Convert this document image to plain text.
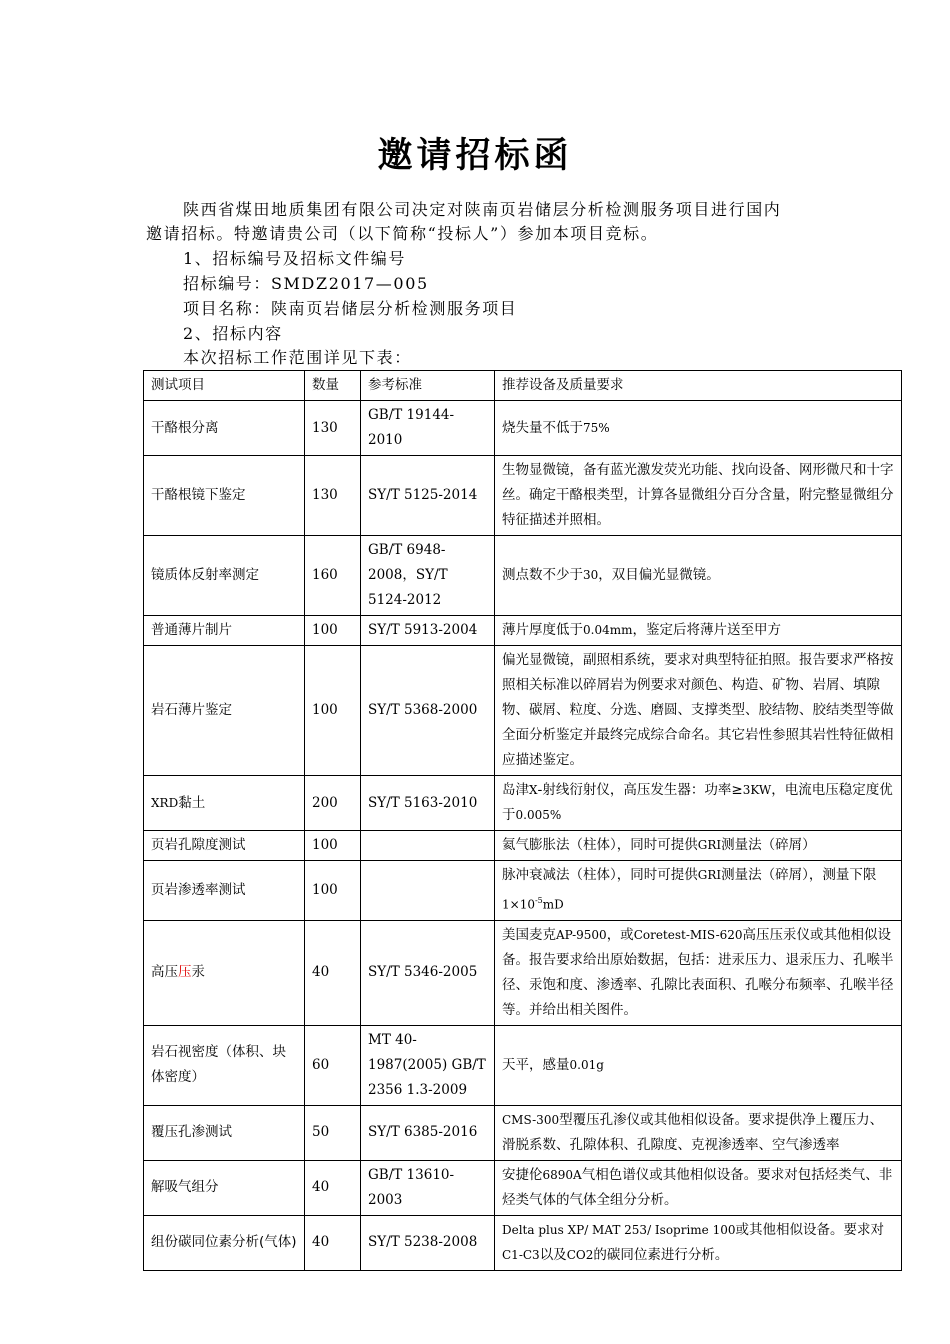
邀请招标函
陕西省煤田地质集团有限公司决定对陕南页岩储层分析检测服务项目进行国内
邀请招标。特邀请贵公司（以下简称“投标人”）参加本项目竞标。
1、招标编号及招标文件编号
招标编号：SMDZ2017—005
项目名称：陕南页岩储层分析检测服务项目
2、招标内容
本次招标工作范围详见下表：
测试项目	数量	参考标准	推荐设备及质量要求
干酪根分离	130	GB/T 19144-2010	烧失量不低于75%
干酪根镜下鉴定	130	SY/T 5125-2014	生物显微镜，备有蓝光激发荧光功能、找向设备、网形微尺和十字丝。确定干酪根类型，计算各显微组分百分含量，附完整显微组分特征描述并照相。
镜质体反射率测定	160	GB/T 6948-2008，SY/T 5124-2012	测点数不少于30，双目偏光显微镜。
普通薄片制片	100	SY/T 5913-2004	薄片厚度低于0.04mm，鉴定后将薄片送至甲方
岩石薄片鉴定	100	SY/T 5368-2000	偏光显微镜，副照相系统，要求对典型特征拍照。报告要求严格按照相关标准以碎屑岩为例要求对颜色、构造、矿物、岩屑、填隙物、碳屑、粒度、分选、磨圆、支撑类型、胶结物、胶结类型等做全面分析鉴定并最终完成综合命名。其它岩性参照其岩性特征做相应描述鉴定。
XRD黏土	200	SY/T 5163-2010	岛津X-射线衍射仪，高压发生器：功率≥3KW，电流电压稳定度优于0.005%
页岩孔隙度测试	100		氦气膨胀法（柱体），同时可提供GRI测量法（碎屑）
页岩渗透率测试	100		脉冲衰减法（柱体），同时可提供GRI测量法（碎屑），测量下限$1\times 10^{-5}mD$
高压压汞	40	SY/T 5346-2005	美国麦克AP-9500，或Coretest-MIS-620高压压汞仪或其他相似设备。报告要求给出原始数据，包括：进汞压力、退汞压力、孔喉半径、汞饱和度、渗透率、孔隙比表面积、孔喉分布频率、孔喉半径等。并给出相关图件。
岩石视密度（体积、块体密度）	60	MT 40-1987(2005) GB/T 2356 1.3-2009	天平，感量0.01g
覆压孔渗测试	50	SY/T 6385-2016	CMS-300型覆压孔渗仪或其他相似设备。要求提供净上覆压力、滑脱系数、孔隙体积、孔隙度、克视渗透率、空气渗透率
解吸气组分	40	GB/T 13610-2003	安捷伦6890A气相色谱仪或其他相似设备。要求对包括烃类气、非烃类气体的气体全组分分析。
组份碳同位素分析(气体)	40	SY/T 5238-2008	Delta plus XP/ MAT 253/ Isoprime 100或其他相似设备。要求对C1-C3以及CO2的碳同位素进行分析。
